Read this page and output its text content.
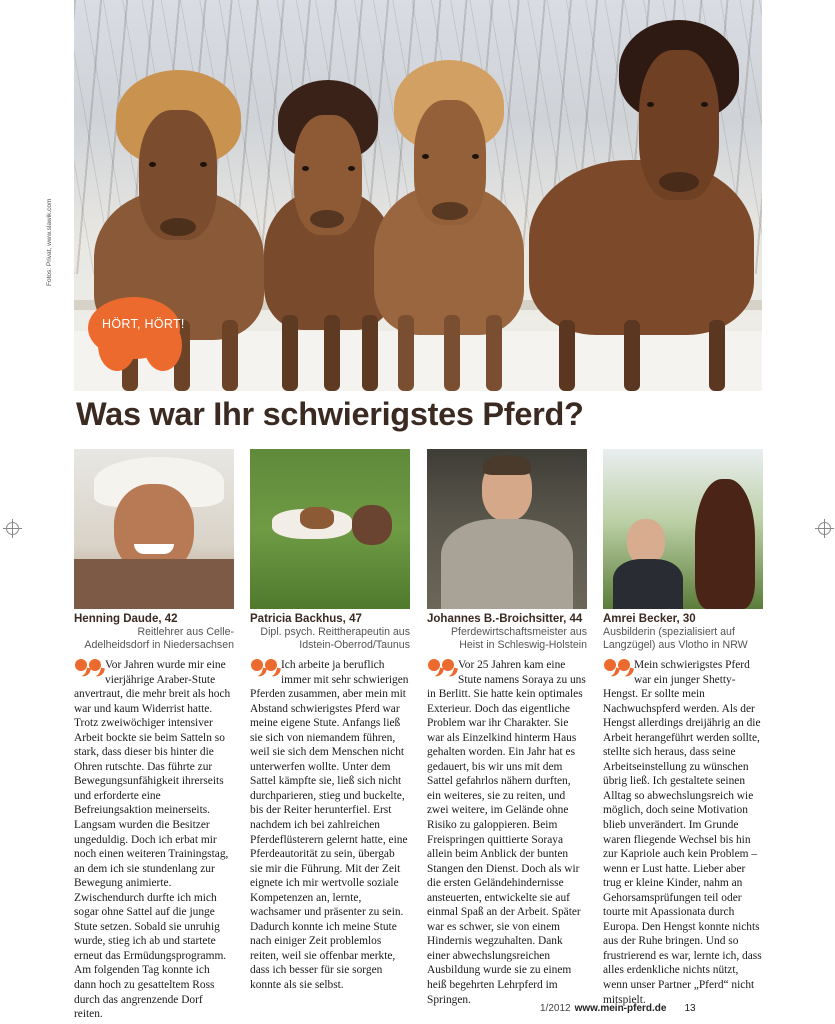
Fotos: Privat, www.slawik.com
HÖRT, HÖRT!
Was war Ihr schwierigstes Pferd?
Henning Daude, 42
Reitlehrer aus Celle-Adelheidsdorf in Niedersachsen
Vor Jahren wurde mir eine vierjährige Araber-Stute anvertraut, die mehr breit als hoch war und kaum Widerrist hatte. Trotz zweiwöchiger intensiver Arbeit bockte sie beim Satteln so stark, dass dieser bis hinter die Ohren rutschte. Das führte zur Bewegungsunfähigkeit ihrerseits und erforderte eine Befreiungsaktion meinerseits. Langsam wurden die Besitzer ungeduldig. Doch ich erbat mir noch einen weiteren Trainingstag, an dem ich sie stundenlang zur Bewegung animierte. Zwischendurch durfte ich mich sogar ohne Sattel auf die junge Stute setzen. Sobald sie unruhig wurde, stieg ich ab und startete erneut das Ermüdungsprogramm. Am folgenden Tag konnte ich dann hoch zu gesatteltem Ross durch das angrenzende Dorf reiten.
Patricia Backhus, 47
Dipl. psych. Reittherapeutin aus Idstein-Oberrod/Taunus
Ich arbeite ja beruflich immer mit sehr schwierigen Pferden zusammen, aber mein mit Abstand schwierigstes Pferd war meine eigene Stute. Anfangs ließ sie sich von niemandem führen, weil sie sich dem Menschen nicht unterwerfen wollte. Unter dem Sattel kämpfte sie, ließ sich nicht durchparieren, stieg und buckelte, bis der Reiter herunterfiel. Erst nachdem ich bei zahlreichen Pferdeflüsterern gelernt hatte, eine Pferdeautorität zu sein, übergab sie mir die Führung. Mit der Zeit eignete ich mir wertvolle soziale Kompetenzen an, lernte, wachsamer und präsenter zu sein. Dadurch konnte ich meine Stute nach einiger Zeit problemlos reiten, weil sie offenbar merkte, dass ich besser für sie sorgen konnte als sie selbst.
Johannes B.-Broichsitter, 44
Pferdewirtschaftsmeister aus Heist in Schleswig-Holstein
Vor 25 Jahren kam eine Stute namens Soraya zu uns in Berlitt. Sie hatte kein optimales Exterieur. Doch das eigentliche Problem war ihr Charakter. Sie war als Einzelkind hinterm Haus gehalten worden. Ein Jahr hat es gedauert, bis wir uns mit dem Sattel gefahrlos nähern durften, ein weiteres, sie zu reiten, und zwei weitere, im Gelände ohne Risiko zu galoppieren. Beim Freispringen quittierte Soraya allein beim Anblick der bunten Stangen den Dienst. Doch als wir die ersten Geländehindernisse ansteuerten, entwickelte sie auf einmal Spaß an der Arbeit. Später war es schwer, sie von einem Hindernis wegzuhalten. Dank einer abwechslungsreichen Ausbildung wurde sie zu einem heiß begehrten Lehrpferd im Springen.
Amrei Becker, 30
Ausbilderin (spezialisiert auf Langzügel) aus Vlotho in NRW
Mein schwierigstes Pferd war ein junger Shetty-Hengst. Er sollte mein Nachwuchspferd werden. Als der Hengst allerdings dreijährig an die Arbeit herangeführt werden sollte, stellte sich heraus, dass seine Arbeitseinstellung zu wünschen übrig ließ. Ich gestaltete seinen Alltag so abwechslungsreich wie möglich, doch seine Motivation blieb unverändert. Im Grunde waren fliegende Wechsel bis hin zur Kapriole auch kein Problem – wenn er Lust hatte. Lieber aber trug er kleine Kinder, nahm an Gehorsamsprüfungen teil oder tourte mit Apassionata durch Europa. Den Hengst konnte nichts aus der Ruhe bringen. Und so frustrierend es war, lernte ich, dass alles erdenkliche nichts nützt, wenn unser Partner „Pferd“ nicht mitspielt.
1/2012 www.mein-pferd.de 13
